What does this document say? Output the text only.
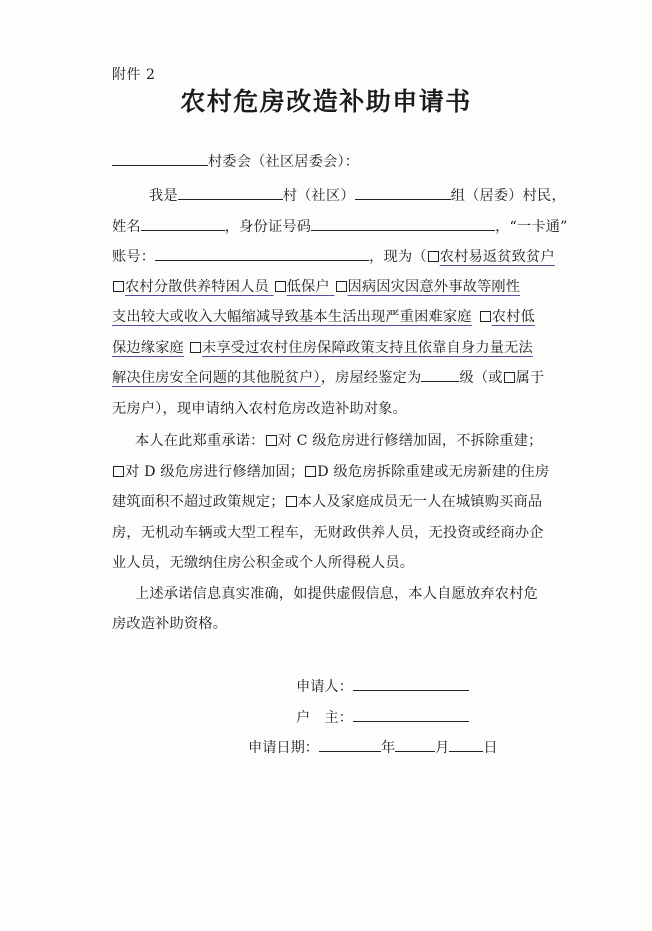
附件 2
农村危房改造补助申请书
村委会（社区居委会）：
我是	村（社区）	组（居委）村民，
姓名	，身份证号码	，“一卡通”
账号：	，现为（ 农村易返贫致贫户
农村分散供养特困人员 低保户 因病因灾因意外事故等刚性
支出较大或收入大幅缩减导致基本生活出现严重困难家庭 农村低
保边缘家庭 未享受过农村住房保障政策支持且依靠自身力量无法
解决住房安全问题的其他脱贫户），房屋经鉴定为	级（或 属于
无房户），现申请纳入农村危房改造补助对象。
本人在此郑重承诺： 对 C 级危房进行修缮加固，不拆除重建；
对 D 级危房进行修缮加固； D 级危房拆除重建或无房新建的住房
建筑面积不超过政策规定； 本人及家庭成员无一人在城镇购买商品
房，无机动车辆或大型工程车，无财政供养人员，无投资或经商办企
业人员，无缴纳住房公积金或个人所得税人员。
上述承诺信息真实准确，如提供虚假信息，本人自愿放弃农村危
房改造补助资格。
申请人：
户　主：
申请日期：	年	月 日
